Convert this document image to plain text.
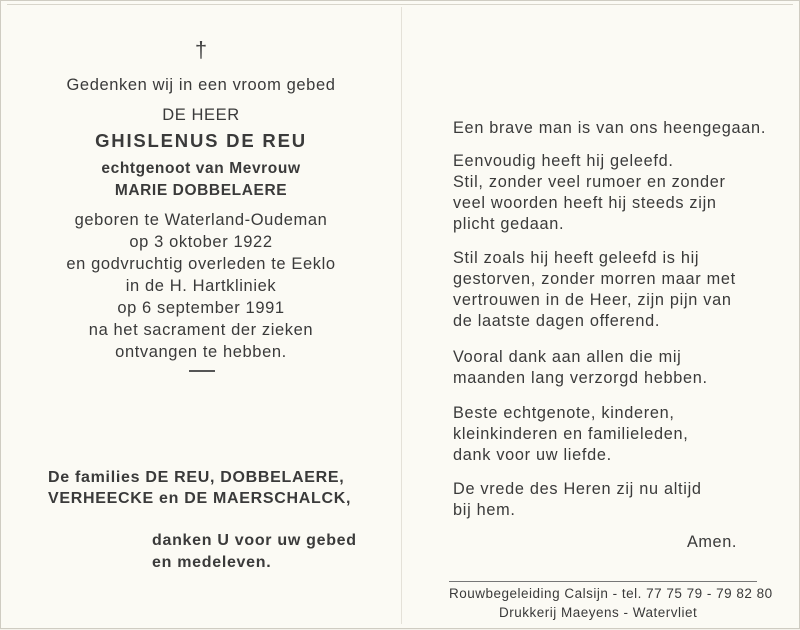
†
Gedenken wij in een vroom gebed
DE HEER
GHISLENUS DE REU
echtgenoot van Mevrouw
MARIE DOBBELAERE
geboren te Waterland-Oudeman
op 3 oktober 1922
en godvruchtig overleden te Eeklo
in de H. Hartkliniek
op 6 september 1991
na het sacrament der zieken
ontvangen te hebben.
De families DE REU, DOBBELAERE,
VERHEECKE en DE MAERSCHALCK,
danken U voor uw gebed
en medeleven.
Een brave man is van ons heengegaan.
Eenvoudig heeft hij geleefd.
Stil, zonder veel rumoer en zonder
veel woorden heeft hij steeds zijn
plicht gedaan.
Stil zoals hij heeft geleefd is hij
gestorven, zonder morren maar met
vertrouwen in de Heer, zijn pijn van
de laatste dagen offerend.
Vooral dank aan allen die mij
maanden lang verzorgd hebben.
Beste echtgenote, kinderen,
kleinkinderen en familieleden,
dank voor uw liefde.
De vrede des Heren zij nu altijd
bij hem.
Amen.
Rouwbegeleiding Calsijn - tel. 77 75 79 - 79 82 80
Drukkerij Maeyens - Watervliet
